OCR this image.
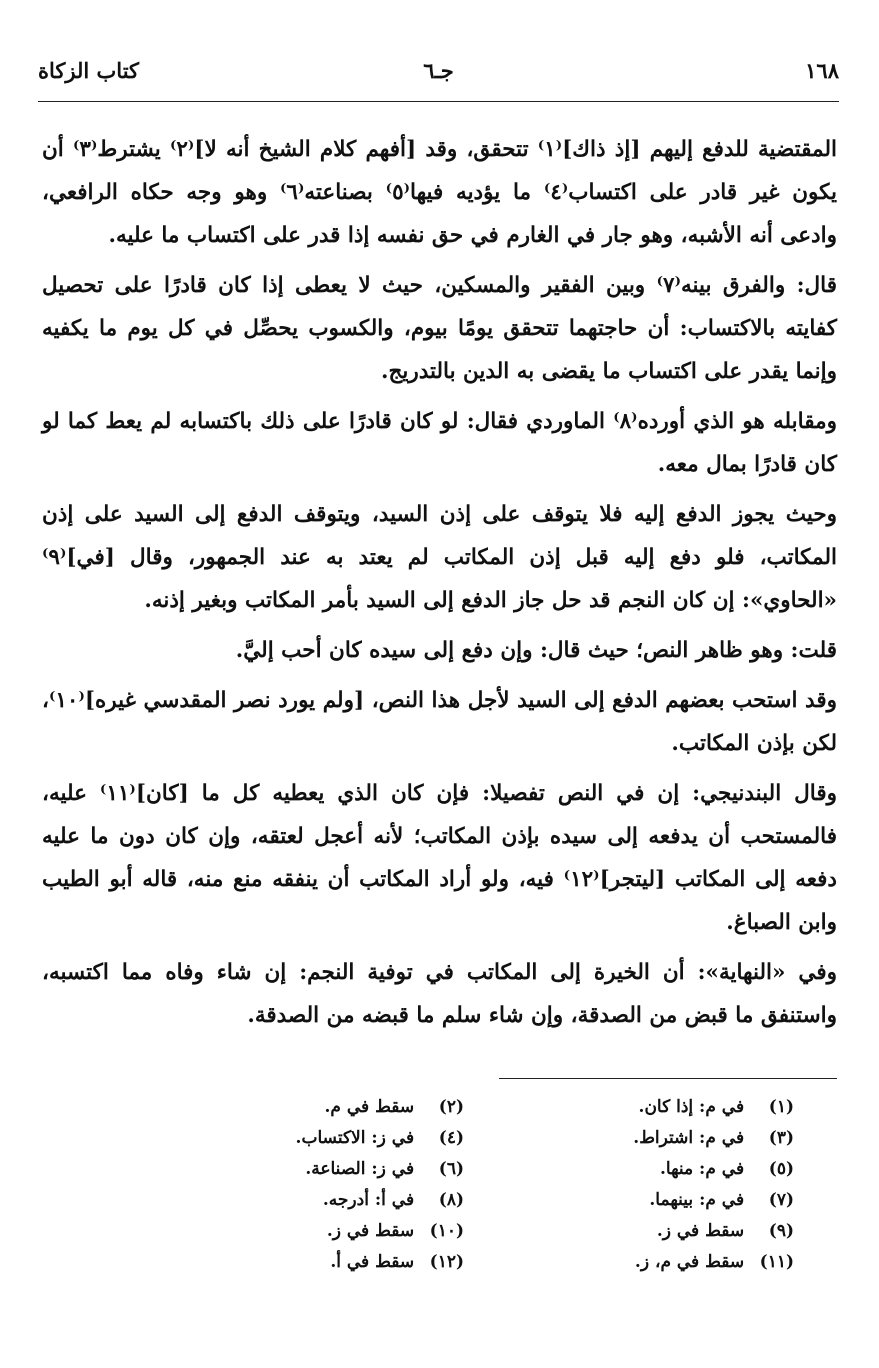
١٦٨
جـ٦
كتاب الزكاة

المقتضية للدفع إليهم [إذ ذاك]⁽١⁾ تتحقق، وقد [أفهم كلام الشيخ أنه لا]⁽٢⁾ يشترط⁽٣⁾ أن يكون غير قادر على اكتساب⁽٤⁾ ما يؤديه فيها⁽٥⁾ بصناعته⁽٦⁾ وهو وجه حكاه الرافعي، وادعى أنه الأشبه، وهو جار في الغارم في حق نفسه إذا قدر على اكتساب ما عليه.

قال: والفرق بينه⁽٧⁾ وبين الفقير والمسكين، حيث لا يعطى إذا كان قادرًا على تحصيل كفايته بالاكتساب: أن حاجتهما تتحقق يومًا بيوم، والكسوب يحصِّل في كل يوم ما يكفيه وإنما يقدر على اكتساب ما يقضى به الدين بالتدريج.

ومقابله هو الذي أورده⁽٨⁾ الماوردي فقال: لو كان قادرًا على ذلك باكتسابه لم يعط كما لو كان قادرًا بمال معه.

وحيث يجوز الدفع إليه فلا يتوقف على إذن السيد، ويتوقف الدفع إلى السيد على إذن المكاتب، فلو دفع إليه قبل إذن المكاتب لم يعتد به عند الجمهور، وقال [في]⁽٩⁾ «الحاوي»: إن كان النجم قد حل جاز الدفع إلى السيد بأمر المكاتب وبغير إذنه.

قلت: وهو ظاهر النص؛ حيث قال: وإن دفع إلى سيده كان أحب إليَّ.

وقد استحب بعضهم الدفع إلى السيد لأجل هذا النص، [ولم يورد نصر المقدسي غيره]⁽١٠⁾، لكن بإذن المكاتب.

وقال البندنيجي: إن في النص تفصيلا: فإن كان الذي يعطيه كل ما [كان]⁽١١⁾ عليه، فالمستحب أن يدفعه إلى سيده بإذن المكاتب؛ لأنه أعجل لعتقه، وإن كان دون ما عليه دفعه إلى المكاتب [ليتجر]⁽١٢⁾ فيه، ولو أراد المكاتب أن ينفقه منع منه، قاله أبو الطيب وابن الصباغ.

وفي «النهاية»: أن الخيرة إلى المكاتب في توفية النجم: إن شاء وفاه مما اكتسبه، واستنفق ما قبض من الصدقة، وإن شاء سلم ما قبضه من الصدقة.

(١) في م: إذا كان.
(٢) سقط في م.
(٣) في م: اشتراط.
(٤) في ز: الاكتساب.
(٥) في م: منها.
(٦) في ز: الصناعة.
(٧) في م: بينهما.
(٨) في أ: أدرجه.
(٩) سقط في ز.
(١٠) سقط في ز.
(١١) سقط في م، ز.
(١٢) سقط في أ.
